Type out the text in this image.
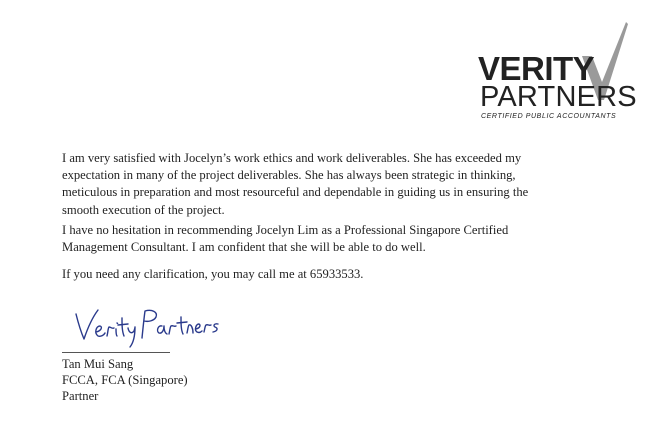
VERITY
PARTNERS
CERTIFIED PUBLIC ACCOUNTANTS

I am very satisfied with Jocelyn’s work ethics and work deliverables. She has exceeded my expectation in many of the project deliverables. She has always been strategic in thinking, meticulous in preparation and most resourceful and dependable in guiding us in ensuring the smooth execution of the project.

I have no hesitation in recommending Jocelyn Lim as a Professional Singapore Certified Management Consultant. I am confident that she will be able to do well.

If you need any clarification, you may call me at 65933533.

Tan Mui Sang
FCCA, FCA (Singapore)
Partner
